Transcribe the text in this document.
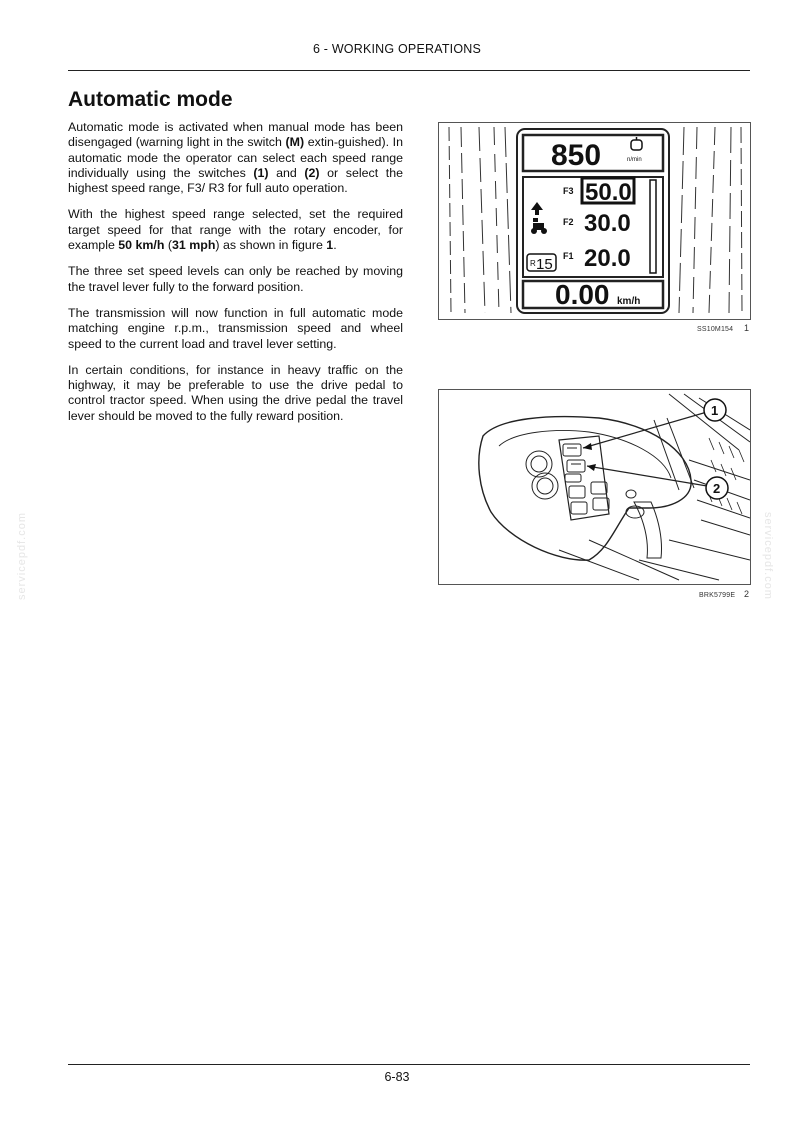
6 - WORKING OPERATIONS
Automatic mode

Automatic mode is activated when manual mode has been disengaged (warning light in the switch (M) extin-guished). In automatic mode the operator can select each speed range individually using the switches (1) and (2) or select the highest speed range, F3/ R3 for full auto operation.

With the highest speed range selected, set the required target speed for that range with the rotary encoder, for example 50 km/h (31 mph) as shown in figure 1.

The three set speed levels can only be reached by moving the travel lever fully to the forward position.

The transmission will now function in full automatic mode matching engine r.p.m., transmission speed and wheel speed to the current load and travel lever setting.

In certain conditions, for instance in heavy traffic on the highway, it may be preferable to use the drive pedal to control tractor speed. When using the drive pedal the travel lever should be moved to the fully reward position.

850	n/min
R 15
F3 50.0
F2 30.0
F1 20.0
0.00 km/h
SS10M154 1
1
2
BRK5799E 2
servicepdf.com	servicepdf.com
6-83
